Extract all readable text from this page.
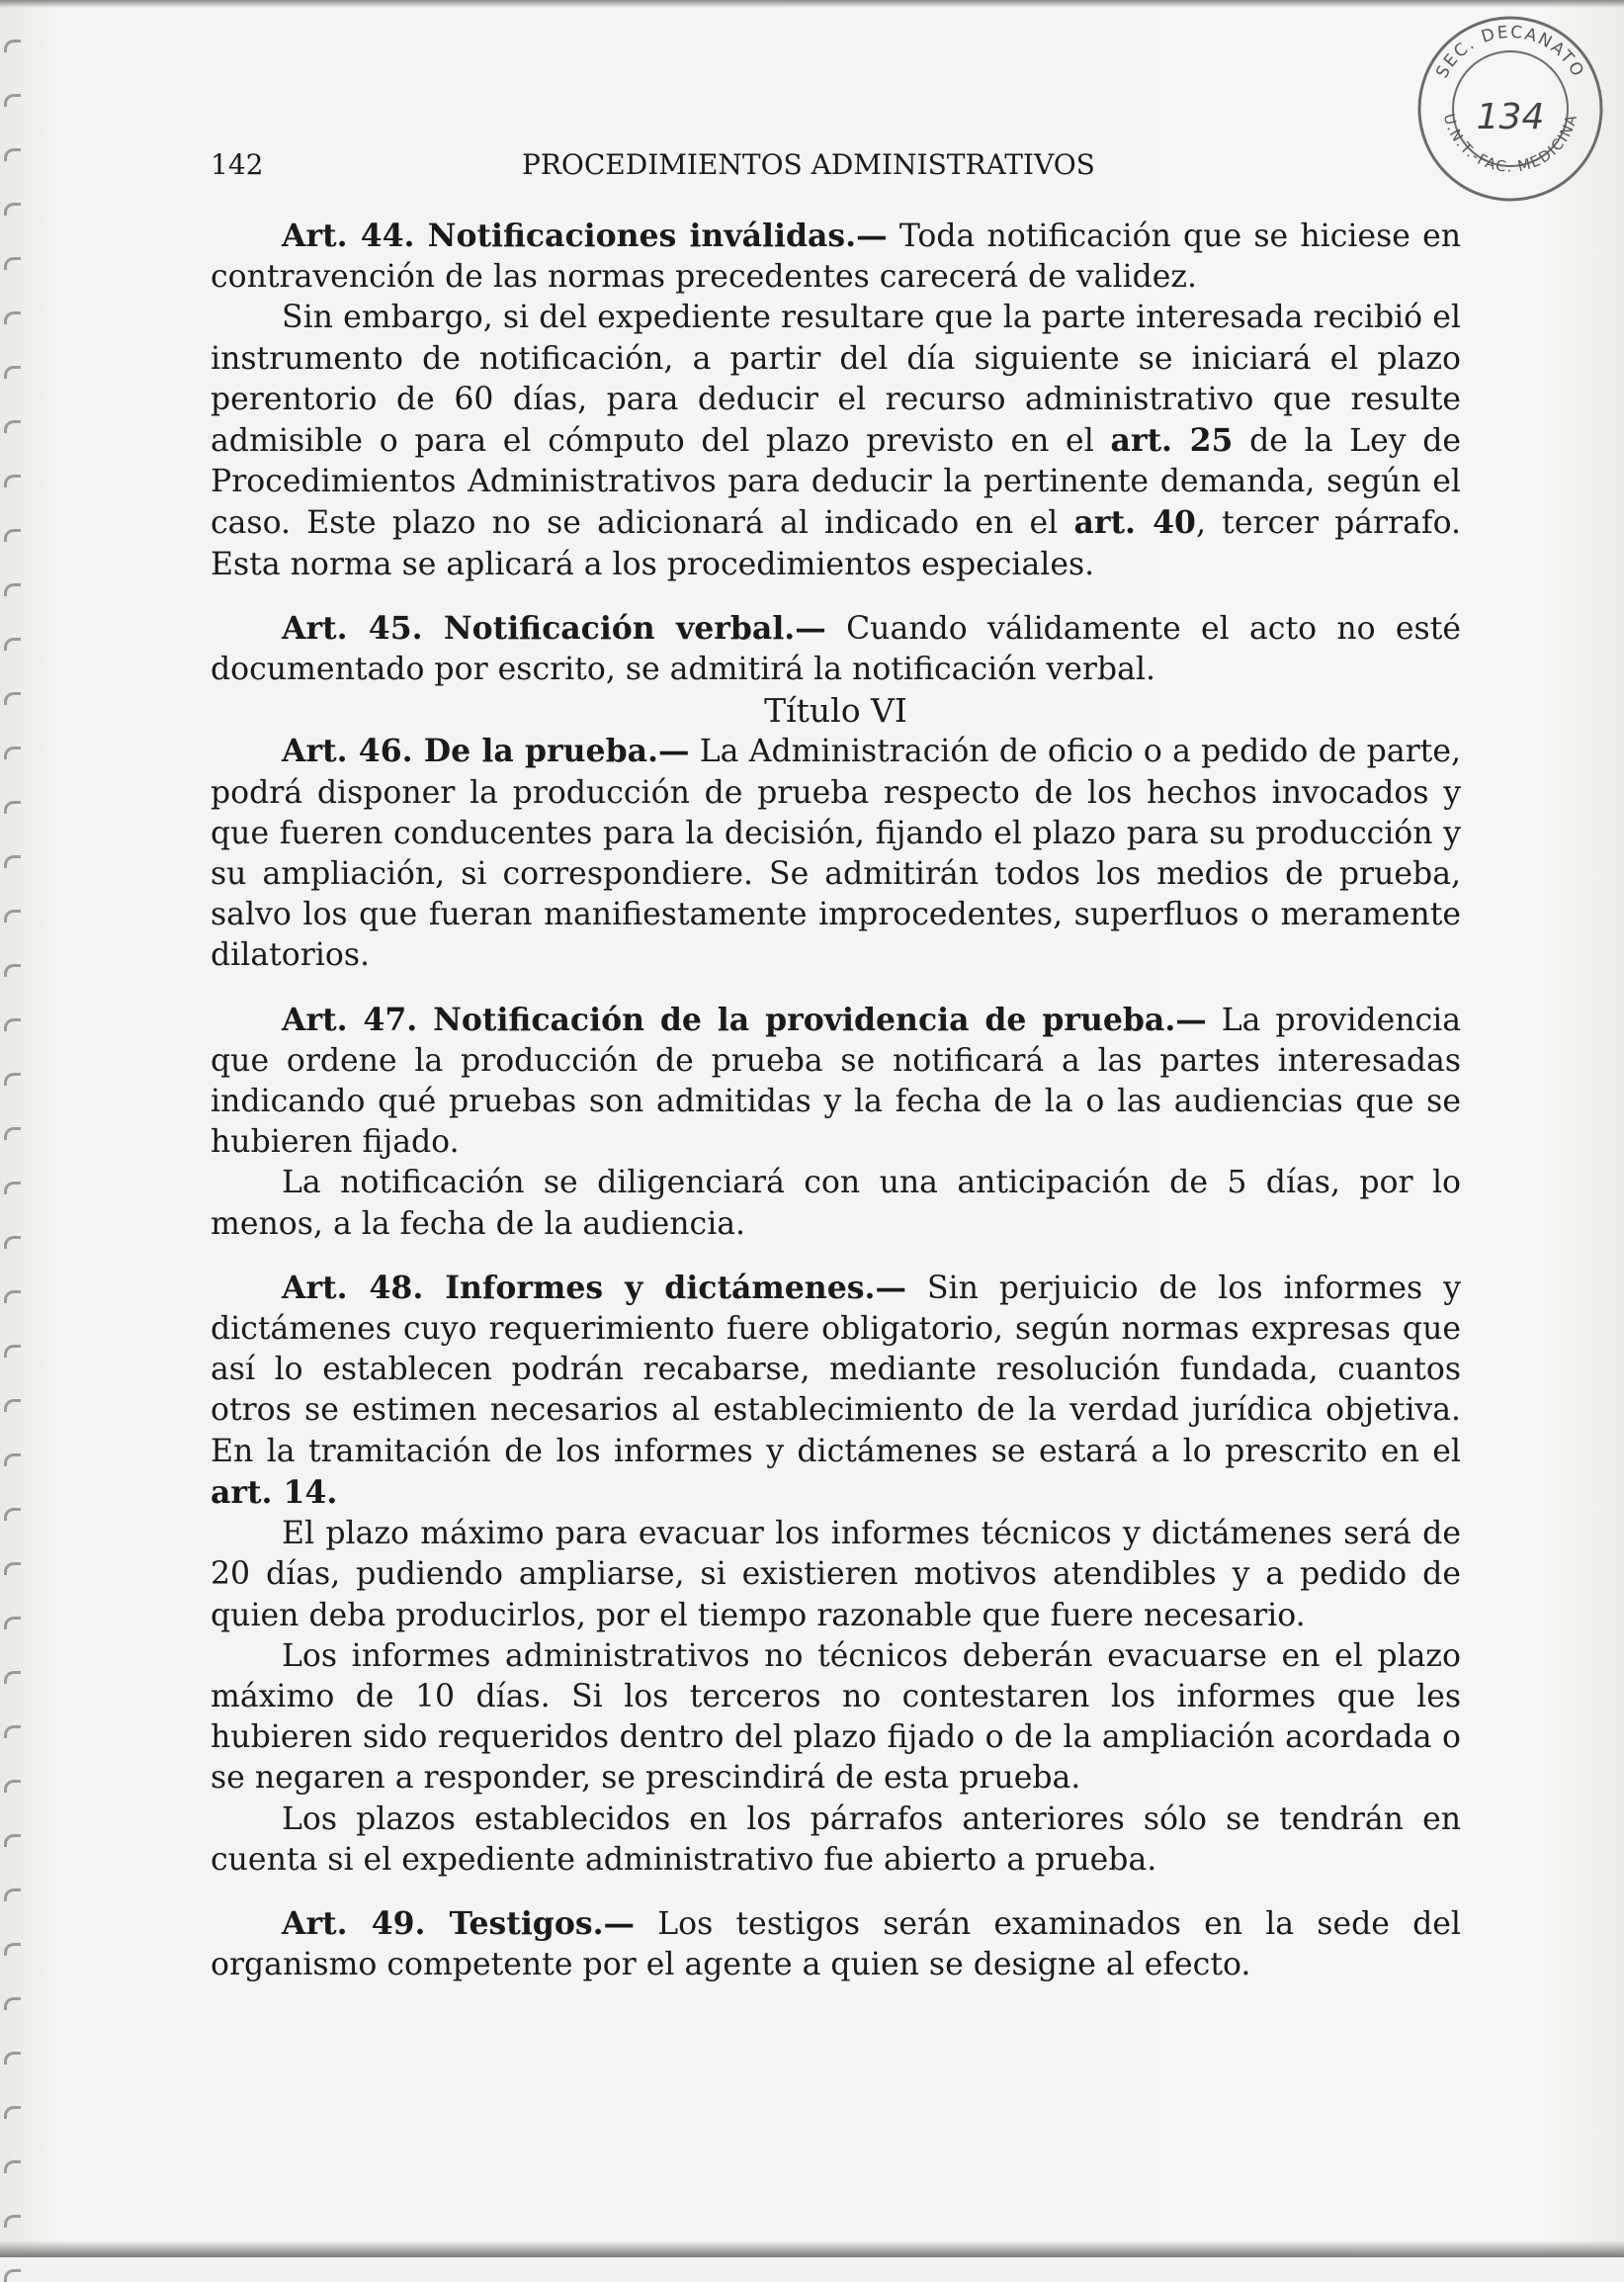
142	PROCEDIMIENTOS ADMINISTRATIVOS
SEC. DECANATO
U.N.T.-FAC. MEDICINA
134

Art. 44. Notificaciones inválidas.— Toda notificación que se hiciese en contravención de las normas precedentes carecerá de validez.

Sin embargo, si del expediente resultare que la parte interesada recibió el instrumento de notificación, a partir del día siguiente se iniciará el plazo perentorio de 60 días, para deducir el recurso administrativo que resulte admisible o para el cómputo del plazo previsto en el art. 25 de la Ley de Procedimientos Administrativos para deducir la pertinente demanda, según el caso. Este plazo no se adicionará al indicado en el art. 40, tercer párrafo. Esta norma se aplicará a los procedimientos especiales.

Art. 45. Notificación verbal.— Cuando válidamente el acto no esté documentado por escrito, se admitirá la notificación verbal.

Título VI

Art. 46. De la prueba.— La Administración de oficio o a pedido de parte, podrá disponer la producción de prueba respecto de los hechos invocados y que fueren conducentes para la decisión, fijando el plazo para su producción y su ampliación, si correspondiere. Se admitirán todos los medios de prueba, salvo los que fueran manifiestamente improcedentes, superfluos o meramente dilatorios.

Art. 47. Notificación de la providencia de prueba.— La providencia que ordene la producción de prueba se notificará a las partes interesadas indicando qué pruebas son admitidas y la fecha de la o las audiencias que se hubieren fijado.

La notificación se diligenciará con una anticipación de 5 días, por lo menos, a la fecha de la audiencia.

Art. 48. Informes y dictámenes.— Sin perjuicio de los informes y dictámenes cuyo requerimiento fuere obligatorio, según normas expresas que así lo establecen podrán recabarse, mediante resolución fundada, cuantos otros se estimen necesarios al establecimiento de la verdad jurídica objetiva. En la tramitación de los informes y dictámenes se estará a lo prescrito en el art. 14.

El plazo máximo para evacuar los informes técnicos y dictámenes será de 20 días, pudiendo ampliarse, si existieren motivos atendibles y a pedido de quien deba producirlos, por el tiempo razonable que fuere necesario.

Los informes administrativos no técnicos deberán evacuarse en el plazo máximo de 10 días. Si los terceros no contestaren los informes que les hubieren sido requeridos dentro del plazo fijado o de la ampliación acordada o se negaren a responder, se prescindirá de esta prueba.

Los plazos establecidos en los párrafos anteriores sólo se tendrán en cuenta si el expediente administrativo fue abierto a prueba.

Art. 49. Testigos.— Los testigos serán examinados en la sede del organismo competente por el agente a quien se designe al efecto.
